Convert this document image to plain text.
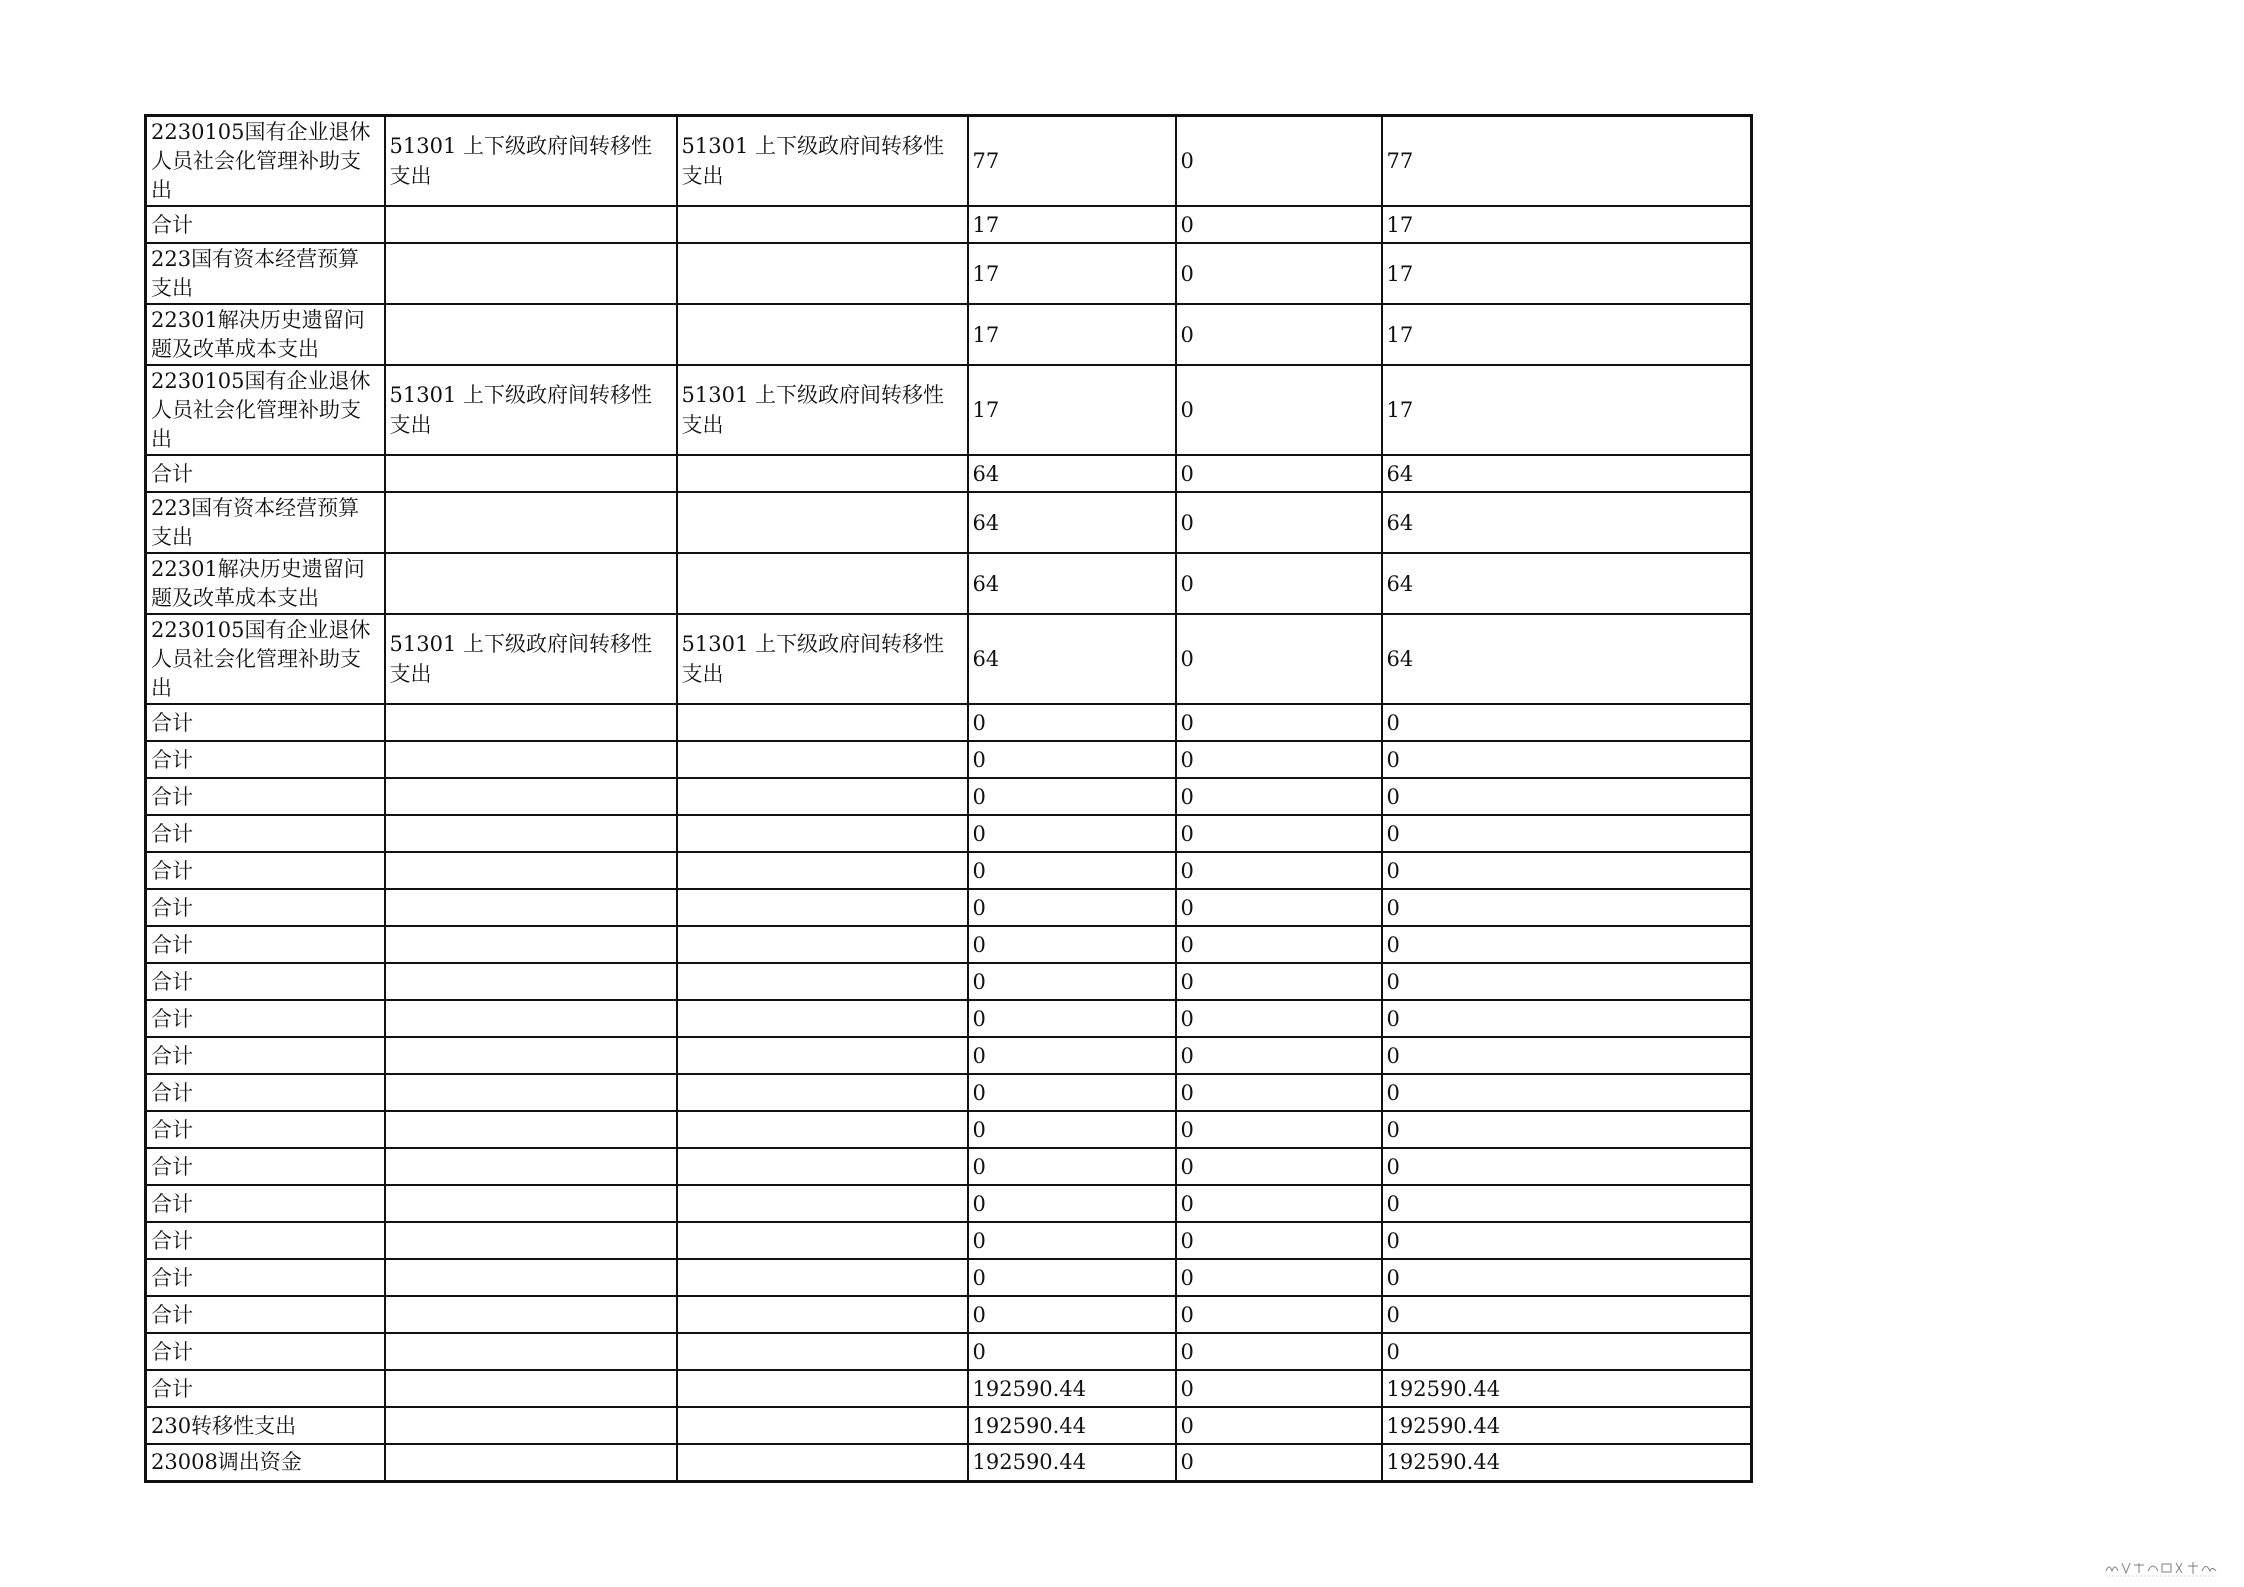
2230105国有企业退休人员社会化管理补助支出	51301 上下级政府间转移性支出	51301 上下级政府间转移性支出	77	0	77
合计			17	0	17
223国有资本经营预算支出			17	0	17
22301解决历史遗留问题及改革成本支出			17	0	17
2230105国有企业退休人员社会化管理补助支出	51301 上下级政府间转移性支出	51301 上下级政府间转移性支出	17	0	17
合计			64	0	64
223国有资本经营预算支出			64	0	64
22301解决历史遗留问题及改革成本支出			64	0	64
2230105国有企业退休人员社会化管理补助支出	51301 上下级政府间转移性支出	51301 上下级政府间转移性支出	64	0	64
合计			0	0	0
合计			0	0	0
合计			0	0	0
合计			0	0	0
合计			0	0	0
合计			0	0	0
合计			0	0	0
合计			0	0	0
合计			0	0	0
合计			0	0	0
合计			0	0	0
合计			0	0	0
合计			0	0	0
合计			0	0	0
合计			0	0	0
合计			0	0	0
合计			0	0	0
合计			0	0	0
合计			192590.44	0	192590.44
230转移性支出			192590.44	0	192590.44
23008调出资金			192590.44	0	192590.44
